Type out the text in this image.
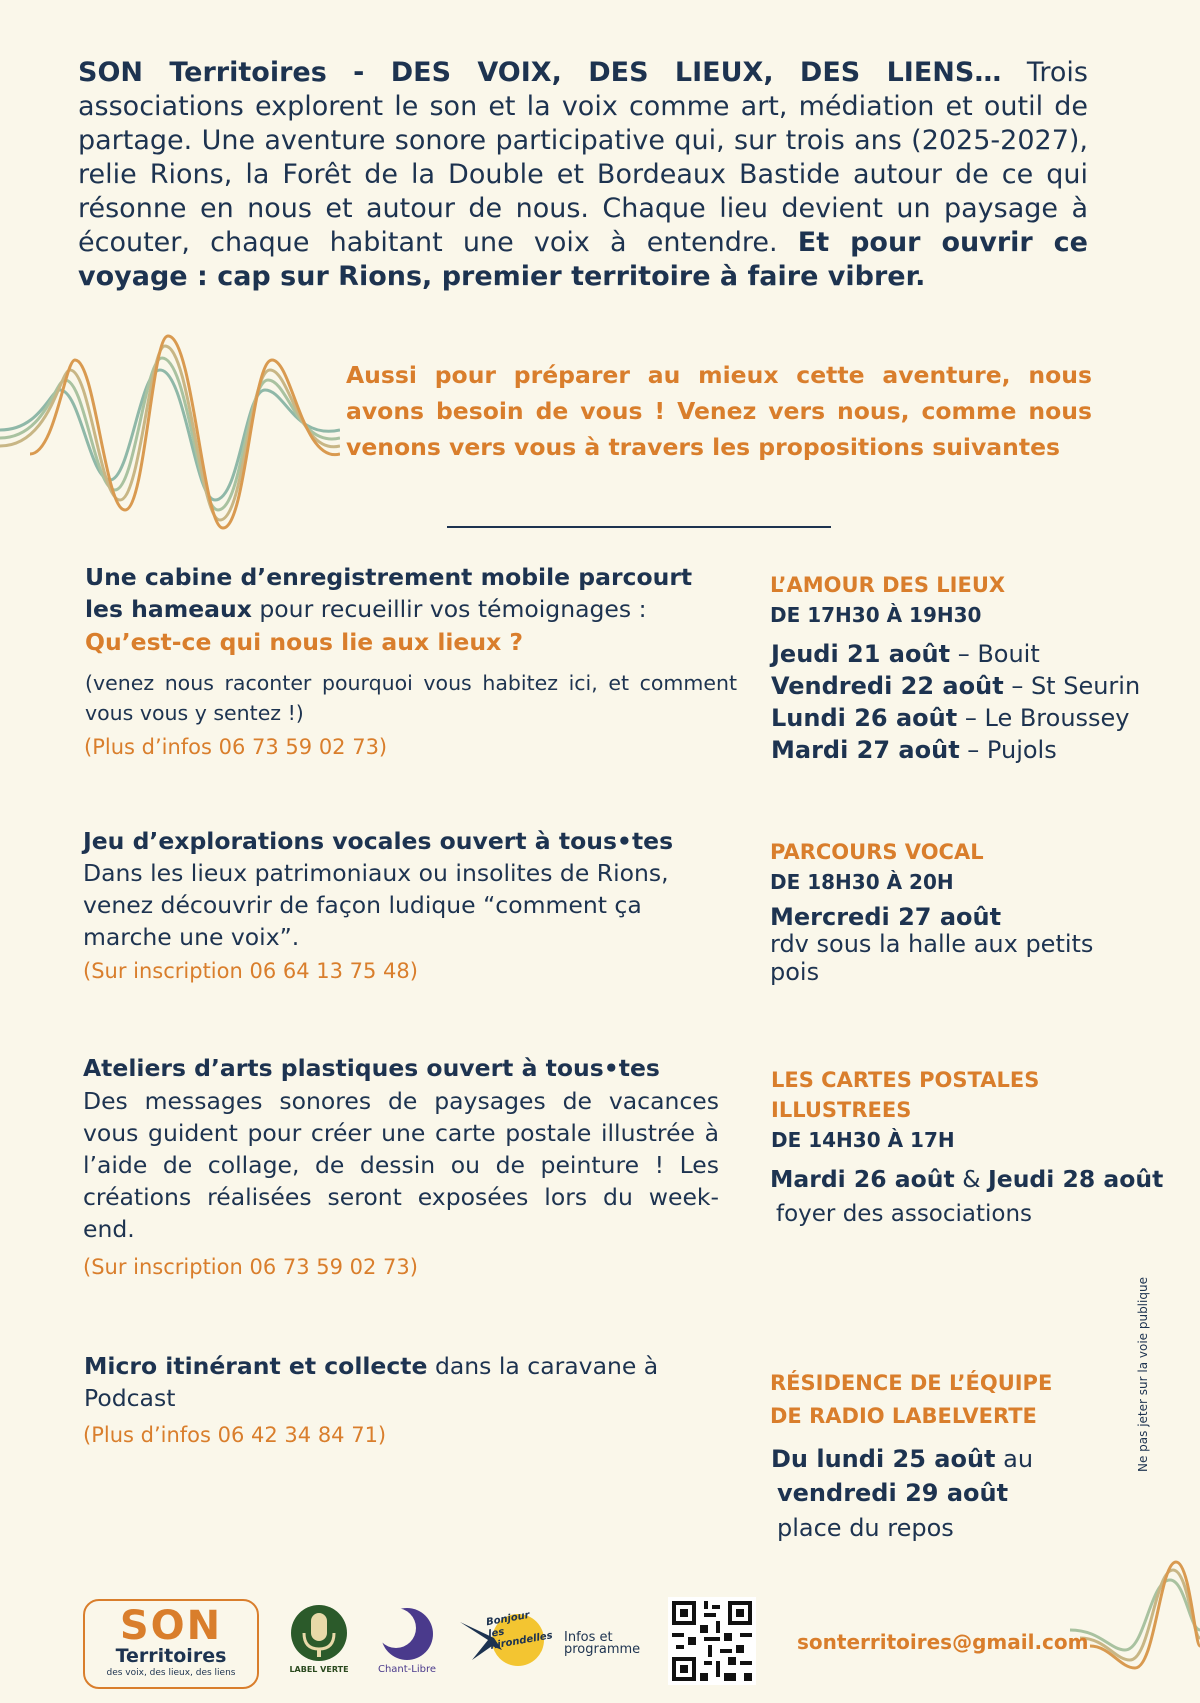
SON Territoires - DES VOIX, DES LIEUX, DES LIENS… Trois associations explorent le son et la voix comme art, médiation et outil de partage. Une aventure sonore participative qui, sur trois ans (2025-2027), relie Rions, la Forêt de la Double et Bordeaux Bastide autour de ce qui résonne en nous et autour de nous. Chaque lieu devient un paysage à écouter, chaque habitant une voix à entendre. Et pour ouvrir ce voyage : cap sur Rions, premier territoire à faire vibrer.
Aussi pour préparer au mieux cette aventure, nous avons besoin de vous ! Venez vers nous, comme nous venons vers vous à travers les propositions suivantes
Une cabine d’enregistrement mobile parcourt les hameaux pour recueillir vos témoignages :
Qu’est-ce qui nous lie aux lieux ?
(venez nous raconter pourquoi vous habitez ici, et comment vous vous y sentez !)
(Plus d’infos 06 73 59 02 73)
L’AMOUR DES LIEUX
DE 17H30 À 19H30
Jeudi 21 août – Bouit
Vendredi 22 août – St Seurin
Lundi 26 août – Le Broussey
Mardi 27 août – Pujols
Jeu d’explorations vocales ouvert à tous•tes
Dans les lieux patrimoniaux ou insolites de Rions, venez découvrir de façon ludique “comment ça marche une voix”.
(Sur inscription 06 64 13 75 48)
PARCOURS VOCAL
DE 18H30 À 20H
Mercredi 27 août
rdv sous la halle aux petits pois
Ateliers d’arts plastiques ouvert à tous•tes
Des messages sonores de paysages de vacances vous guident pour créer une carte postale illustrée à l’aide de collage, de dessin ou de peinture ! Les créations réalisées seront exposées lors du week-end.
(Sur inscription 06 73 59 02 73)
LES CARTES POSTALES
ILLUSTREES
DE 14H30 À 17H
Mardi 26 août & Jeudi 28 août
foyer des associations
Micro itinérant et collecte dans la caravane à Podcast
(Plus d’infos 06 42 34 84 71)
RÉSIDENCE DE L’ÉQUIPE
DE RADIO LABELVERTE
Du lundi 25 août au
vendredi 29 août
place du repos
Ne pas jeter sur la voie publique
SON
Territoires
des voix, des lieux, des liens	LABEL VERTE	Chant-Libre
Bonjour les hirondelles Infos et
programme	sonterritoires@gmail.com
